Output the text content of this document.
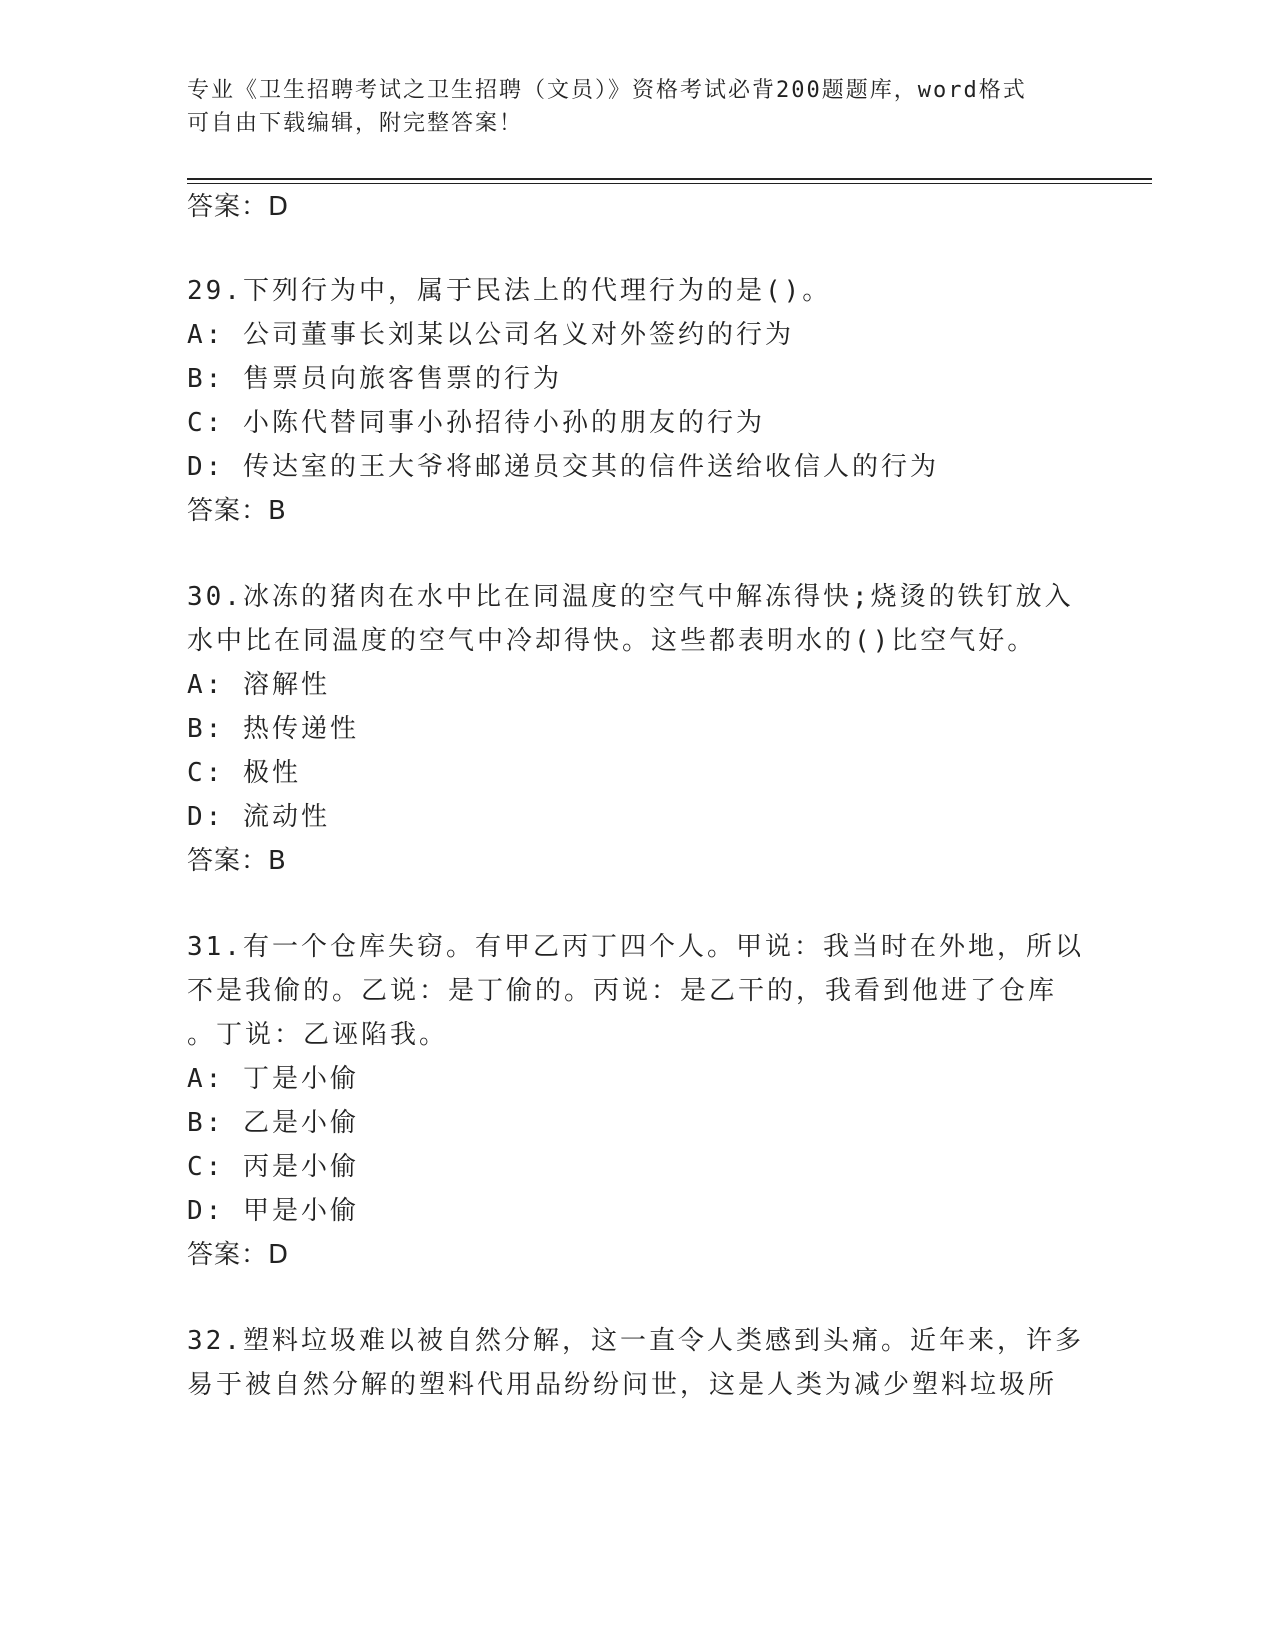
专业《卫生招聘考试之卫生招聘（文员）》资格考试必背200题题库，word格式
可自由下载编辑，附完整答案！
答案：D
29.下列行为中，属于民法上的代理行为的是()。
A: 公司董事长刘某以公司名义对外签约的行为
B: 售票员向旅客售票的行为
C: 小陈代替同事小孙招待小孙的朋友的行为
D: 传达室的王大爷将邮递员交其的信件送给收信人的行为
答案：B
30.冰冻的猪肉在水中比在同温度的空气中解冻得快;烧烫的铁钉放入
水中比在同温度的空气中冷却得快。这些都表明水的()比空气好。
A: 溶解性
B: 热传递性
C: 极性
D: 流动性
答案：B
31.有一个仓库失窃。有甲乙丙丁四个人。甲说：我当时在外地，所以
不是我偷的。乙说：是丁偷的。丙说：是乙干的，我看到他进了仓库
。丁说：乙诬陷我。
A: 丁是小偷
B: 乙是小偷
C: 丙是小偷
D: 甲是小偷
答案：D
32.塑料垃圾难以被自然分解，这一直令人类感到头痛。近年来，许多
易于被自然分解的塑料代用品纷纷问世，这是人类为减少塑料垃圾所
